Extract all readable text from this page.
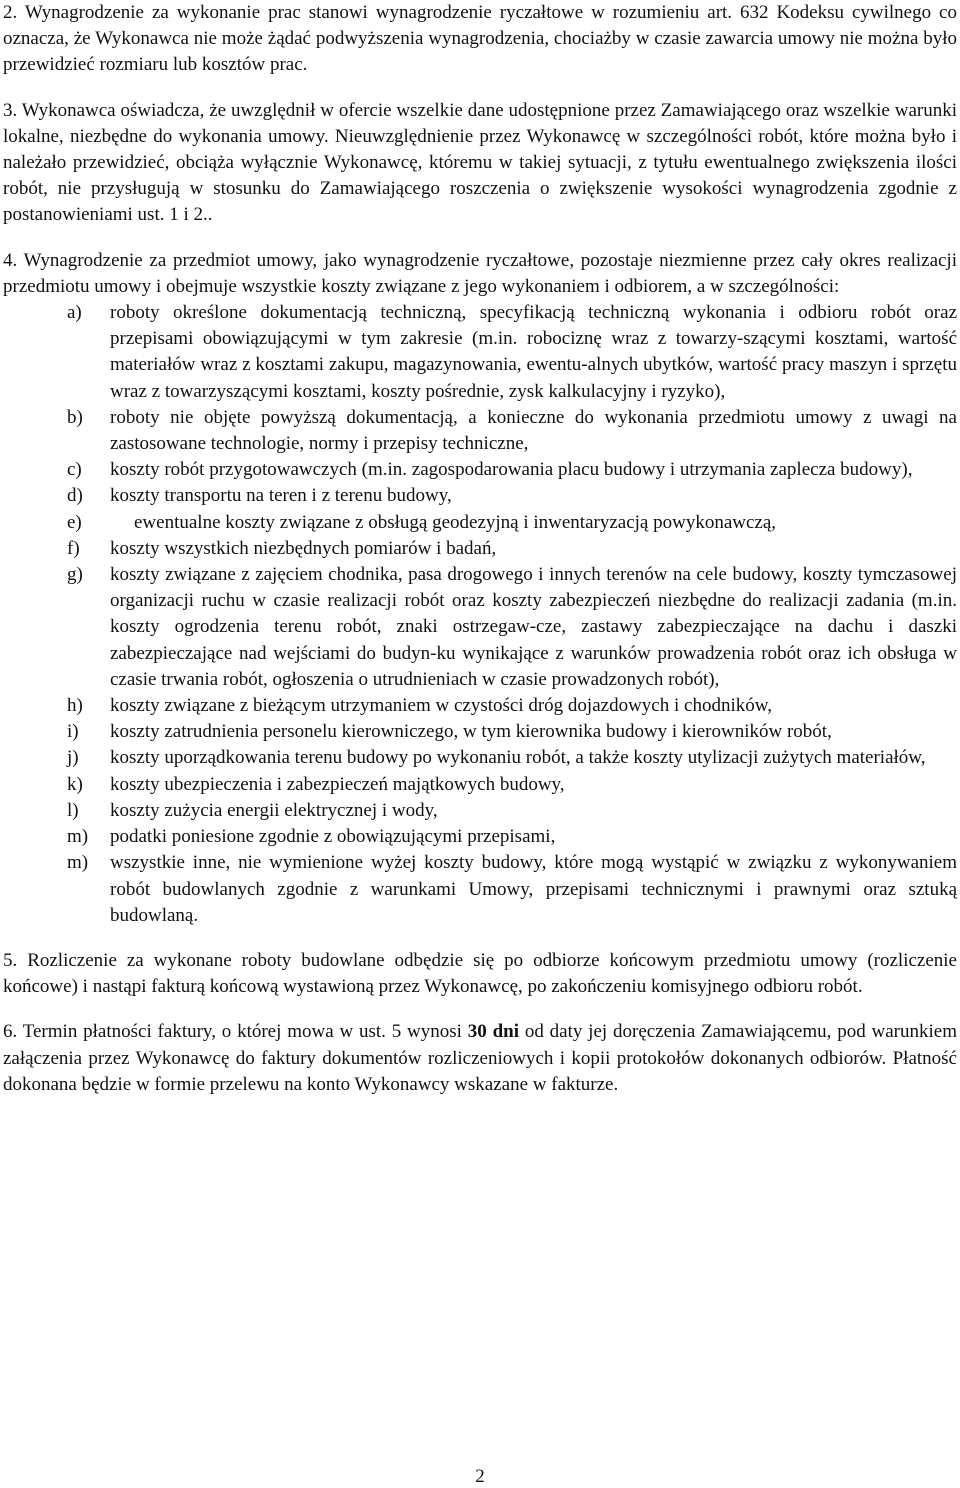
2. Wynagrodzenie za wykonanie prac stanowi wynagrodzenie ryczałtowe w rozumieniu art. 632 Kodeksu cywilnego co oznacza, że Wykonawca nie może żądać podwyższenia wynagrodzenia, chociażby w czasie zawarcia umowy nie można było przewidzieć rozmiaru lub kosztów prac.

3. Wykonawca oświadcza, że uwzględnił w ofercie wszelkie dane udostępnione przez Zamawiającego oraz wszelkie warunki lokalne, niezbędne do wykonania umowy. Nieuwzględnienie przez Wykonawcę w szczególności robót, które można było i należało przewidzieć, obciąża wyłącznie Wykonawcę, któremu w takiej sytuacji, z tytułu ewentualnego zwiększenia ilości robót, nie przysługują w stosunku do Zamawiającego roszczenia o zwiększenie wysokości wynagrodzenia zgodnie z postanowieniami ust. 1 i 2..

4. Wynagrodzenie za przedmiot umowy, jako wynagrodzenie ryczałtowe, pozostaje niezmienne przez cały okres realizacji przedmiotu umowy i obejmuje wszystkie koszty związane z jego wykonaniem i odbiorem, a w szczególności:

a)	roboty określone dokumentacją techniczną, specyfikacją techniczną wykonania i odbioru robót oraz przepisami obowiązującymi w tym zakresie (m.in. robociznę wraz z towarzy-szącymi kosztami, wartość materiałów wraz z kosztami zakupu, magazynowania, ewentu-alnych ubytków, wartość pracy maszyn i sprzętu wraz z towarzyszącymi kosztami, koszty pośrednie, zysk kalkulacyjny i ryzyko),
b)	roboty nie objęte powyższą dokumentacją, a konieczne do wykonania przedmiotu umowy z uwagi na zastosowane technologie, normy i przepisy techniczne,
c)	koszty robót przygotowawczych (m.in. zagospodarowania placu budowy i utrzymania zaplecza budowy),
d)	koszty transportu na teren i z terenu budowy,
e)	ewentualne koszty związane z obsługą geodezyjną i inwentaryzacją powykonawczą,
f)	koszty wszystkich niezbędnych pomiarów i badań,
g)	koszty związane z zajęciem chodnika, pasa drogowego i innych terenów na cele budowy, koszty tymczasowej organizacji ruchu w czasie realizacji robót oraz koszty zabezpieczeń niezbędne do realizacji zadania (m.in. koszty ogrodzenia terenu robót, znaki ostrzegaw-cze, zastawy zabezpieczające na dachu i daszki zabezpieczające nad wejściami do budyn-ku wynikające z warunków prowadzenia robót oraz ich obsługa w czasie trwania robót, ogłoszenia o utrudnieniach w czasie prowadzonych robót),
h)	koszty związane z bieżącym utrzymaniem w czystości dróg dojazdowych i chodników,
i)	koszty zatrudnienia personelu kierowniczego, w tym kierownika budowy i kierowników robót,
j)	koszty uporządkowania terenu budowy po wykonaniu robót, a także koszty utylizacji zużytych materiałów,
k)	koszty ubezpieczenia i zabezpieczeń majątkowych budowy,
l)	koszty zużycia energii elektrycznej i wody,
m)	podatki poniesione zgodnie z obowiązującymi przepisami,
m)	wszystkie inne, nie wymienione wyżej koszty budowy, które mogą wystąpić w związku z wykonywaniem robót budowlanych zgodnie z warunkami Umowy, przepisami technicznymi i prawnymi oraz sztuką budowlaną.

5. Rozliczenie za wykonane roboty budowlane odbędzie się po odbiorze końcowym przedmiotu umowy (rozliczenie końcowe) i nastąpi fakturą końcową wystawioną przez Wykonawcę, po zakończeniu komisyjnego odbioru robót.

6. Termin płatności faktury, o której mowa w ust. 5 wynosi 30 dni od daty jej doręczenia Zamawiającemu, pod warunkiem załączenia przez Wykonawcę do faktury dokumentów rozliczeniowych i kopii protokołów dokonanych odbiorów. Płatność dokonana będzie w formie przelewu na konto Wykonawcy wskazane w fakturze.

2
